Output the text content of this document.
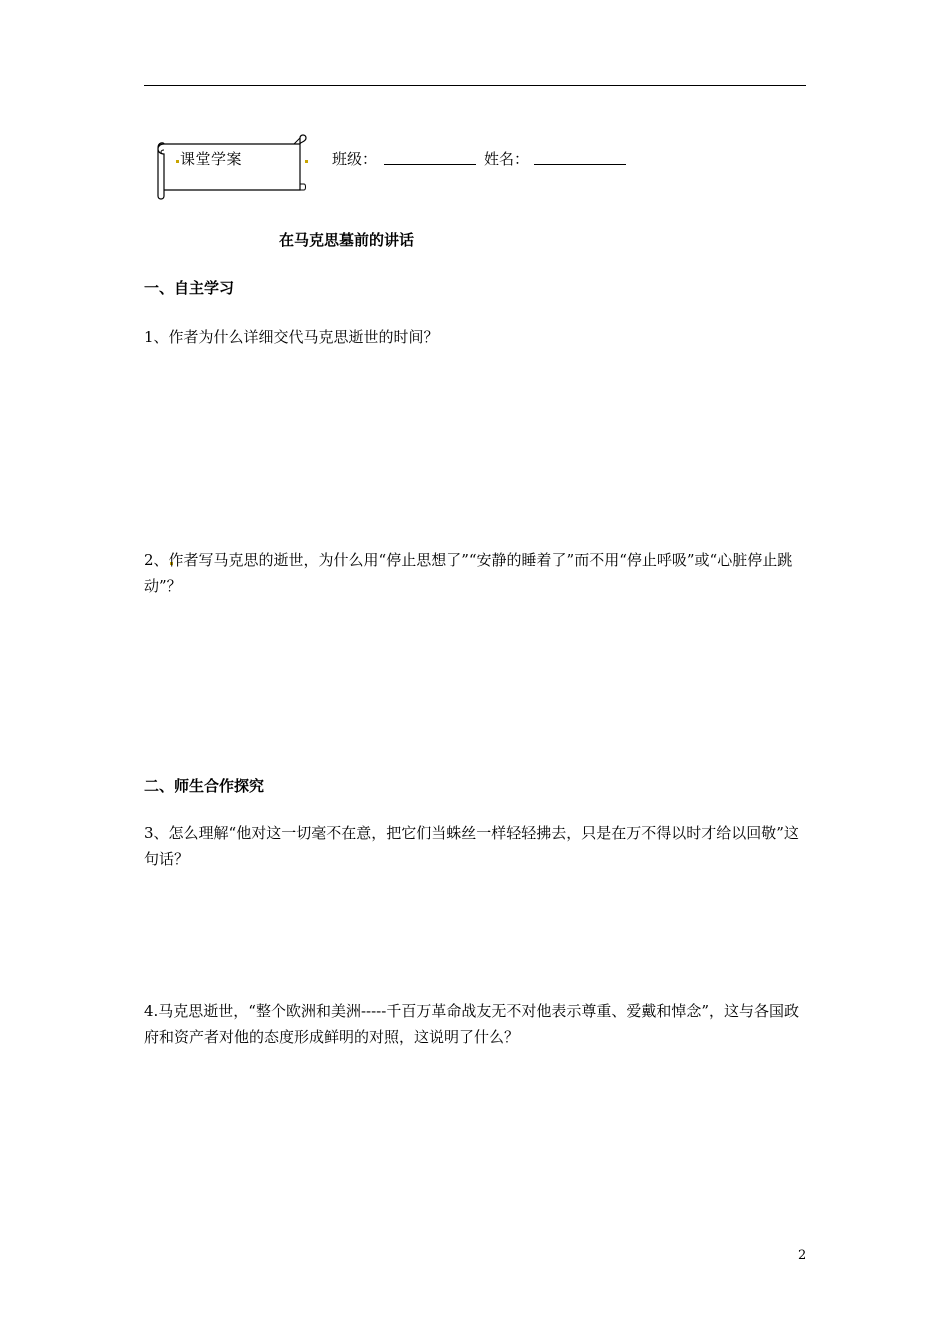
课堂学案	班级：	姓名：
在马克思墓前的讲话
一、自主学习

1、作者为什么详细交代马克思逝世的时间？

2、作者写马克思的逝世，为什么用“停止思想了”“安静的睡着了”而不用“停止呼吸”或“心脏停止跳动”？

二、师生合作探究

3、怎么理解“他对这一切毫不在意，把它们当蛛丝一样轻轻拂去，只是在万不得以时才给以回敬”这句话？

4.马克思逝世，“整个欧洲和美洲-----千百万革命战友无不对他表示尊重、爱戴和悼念”，这与各国政府和资产者对他的态度形成鲜明的对照，这说明了什么？

2
